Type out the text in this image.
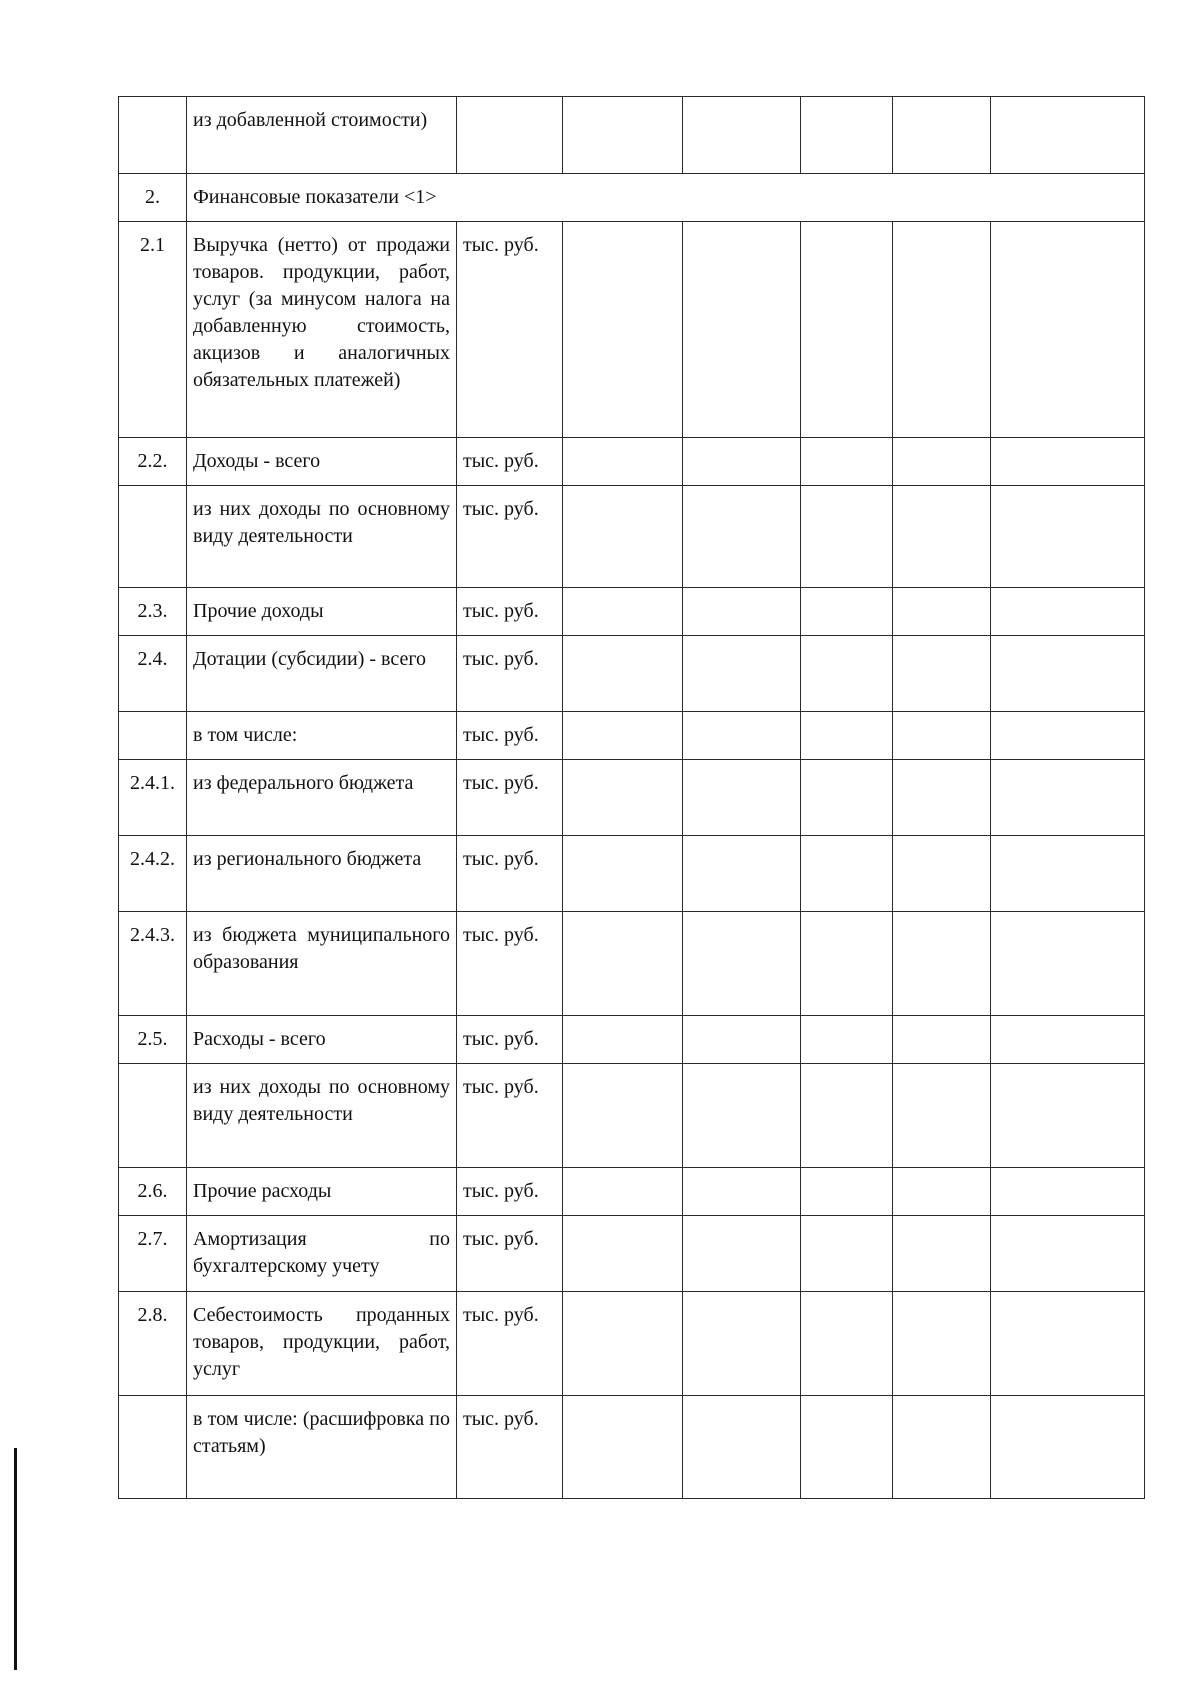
	из добавленной стоимости)						
2.	Финансовые показатели <1>						
2.1	Выручка (нетто) от продажи товаров. продукции, работ, услуг (за минусом налога на добавленную стоимость, акцизов и аналогичных обязательных платежей)	тыс. руб.					
2.2.	Доходы - всего	тыс. руб.					
	из них доходы по основному виду деятельности	тыс. руб.					
2.3.	Прочие доходы	тыс. руб.					
2.4.	Дотации (субсидии) - всего	тыс. руб.					
	в том числе:	тыс. руб.					
2.4.1.	из федерального бюджета	тыс. руб.					
2.4.2.	из регионального бюджета	тыс. руб.					
2.4.3.	из бюджета муниципального образования	тыс. руб.					
2.5.	Расходы - всего	тыс. руб.					
	из них доходы по основному виду деятельности	тыс. руб.					
2.6.	Прочие расходы	тыс. руб.					
2.7.	Амортизация по бухгалтерскому учету	тыс. руб.					
2.8.	Себестоимость проданных товаров, продукции, работ, услуг	тыс. руб.					
	в том числе: (расшифровка по статьям)	тыс. руб.					
